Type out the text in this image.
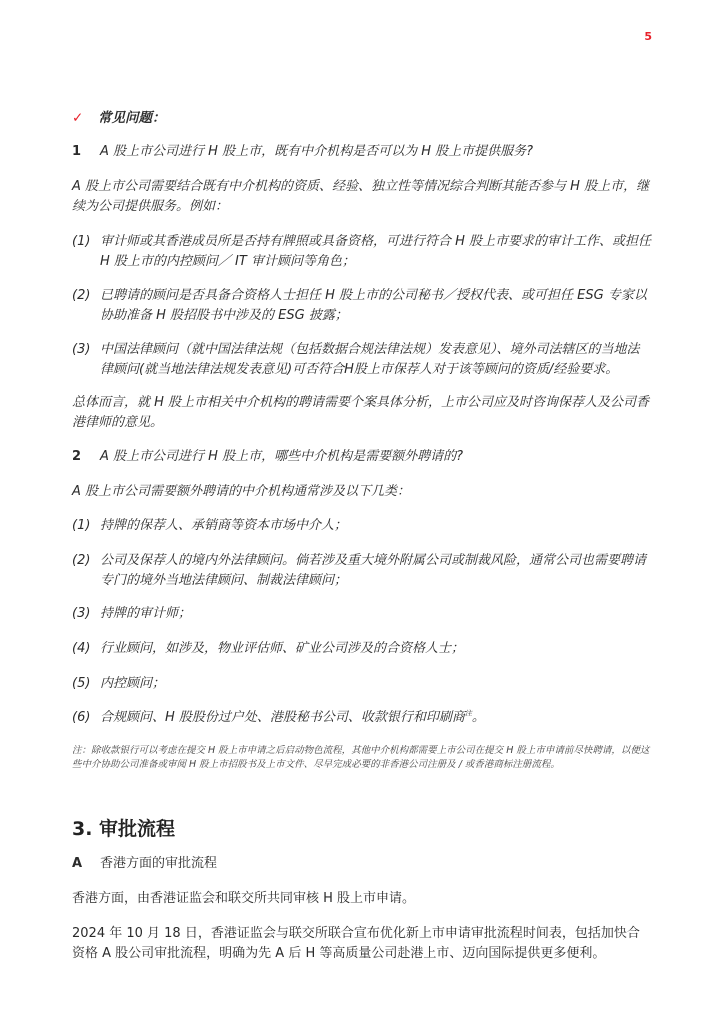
5
✓ 常见问题：
1 A 股上市公司进行 H 股上市，既有中介机构是否可以为 H 股上市提供服务?
A 股上市公司需要结合既有中介机构的资质、经验、独立性等情况综合判断其能否参与 H 股上市，继续为公司提供服务。例如：
(1) 审计师或其香港成员所是否持有牌照或具备资格，可进行符合 H 股上市要求的审计工作、或担任 H 股上市的内控顾问／ IT 审计顾问等角色；
(2) 已聘请的顾问是否具备合资格人士担任 H 股上市的公司秘书／授权代表、或可担任 ESG 专家以协助准备 H 股招股书中涉及的 ESG 披露；
(3) 中国法律顾问（就中国法律法规（包括数据合规法律法规）发表意见）、境外司法辖区的当地法律顾问(就当地法律法规发表意见)可否符合H股上市保荐人对于该等顾问的资质/经验要求。
总体而言，就 H 股上市相关中介机构的聘请需要个案具体分析，上市公司应及时咨询保荐人及公司香港律师的意见。
2 A 股上市公司进行 H 股上市，哪些中介机构是需要额外聘请的?
A 股上市公司需要额外聘请的中介机构通常涉及以下几类：
(1) 持牌的保荐人、承销商等资本市场中介人；
(2) 公司及保荐人的境内外法律顾问。倘若涉及重大境外附属公司或制裁风险，通常公司也需要聘请专门的境外当地法律顾问、制裁法律顾问；
(3) 持牌的审计师；
(4) 行业顾问，如涉及，物业评估师、矿业公司涉及的合资格人士；
(5) 内控顾问；
(6) 合规顾问、H 股股份过户处、港股秘书公司、收款银行和印刷商$^注$。
注：除收款银行可以考虑在提交 H 股上市申请之后启动物色流程，其他中介机构都需要上市公司在提交 H 股上市申请前尽快聘请，以便这些中介协助公司准备或审阅 H 股上市招股书及上市文件、尽早完成必要的非香港公司注册及 / 或香港商标注册流程。
3. 审批流程
A 香港方面的审批流程
香港方面，由香港证监会和联交所共同审核 H 股上市申请。
2024 年 10 月 18 日，香港证监会与联交所联合宣布优化新上市申请审批流程时间表，包括加快合资格 A 股公司审批流程，明确为先 A 后 H 等高质量公司赴港上市、迈向国际提供更多便利。
